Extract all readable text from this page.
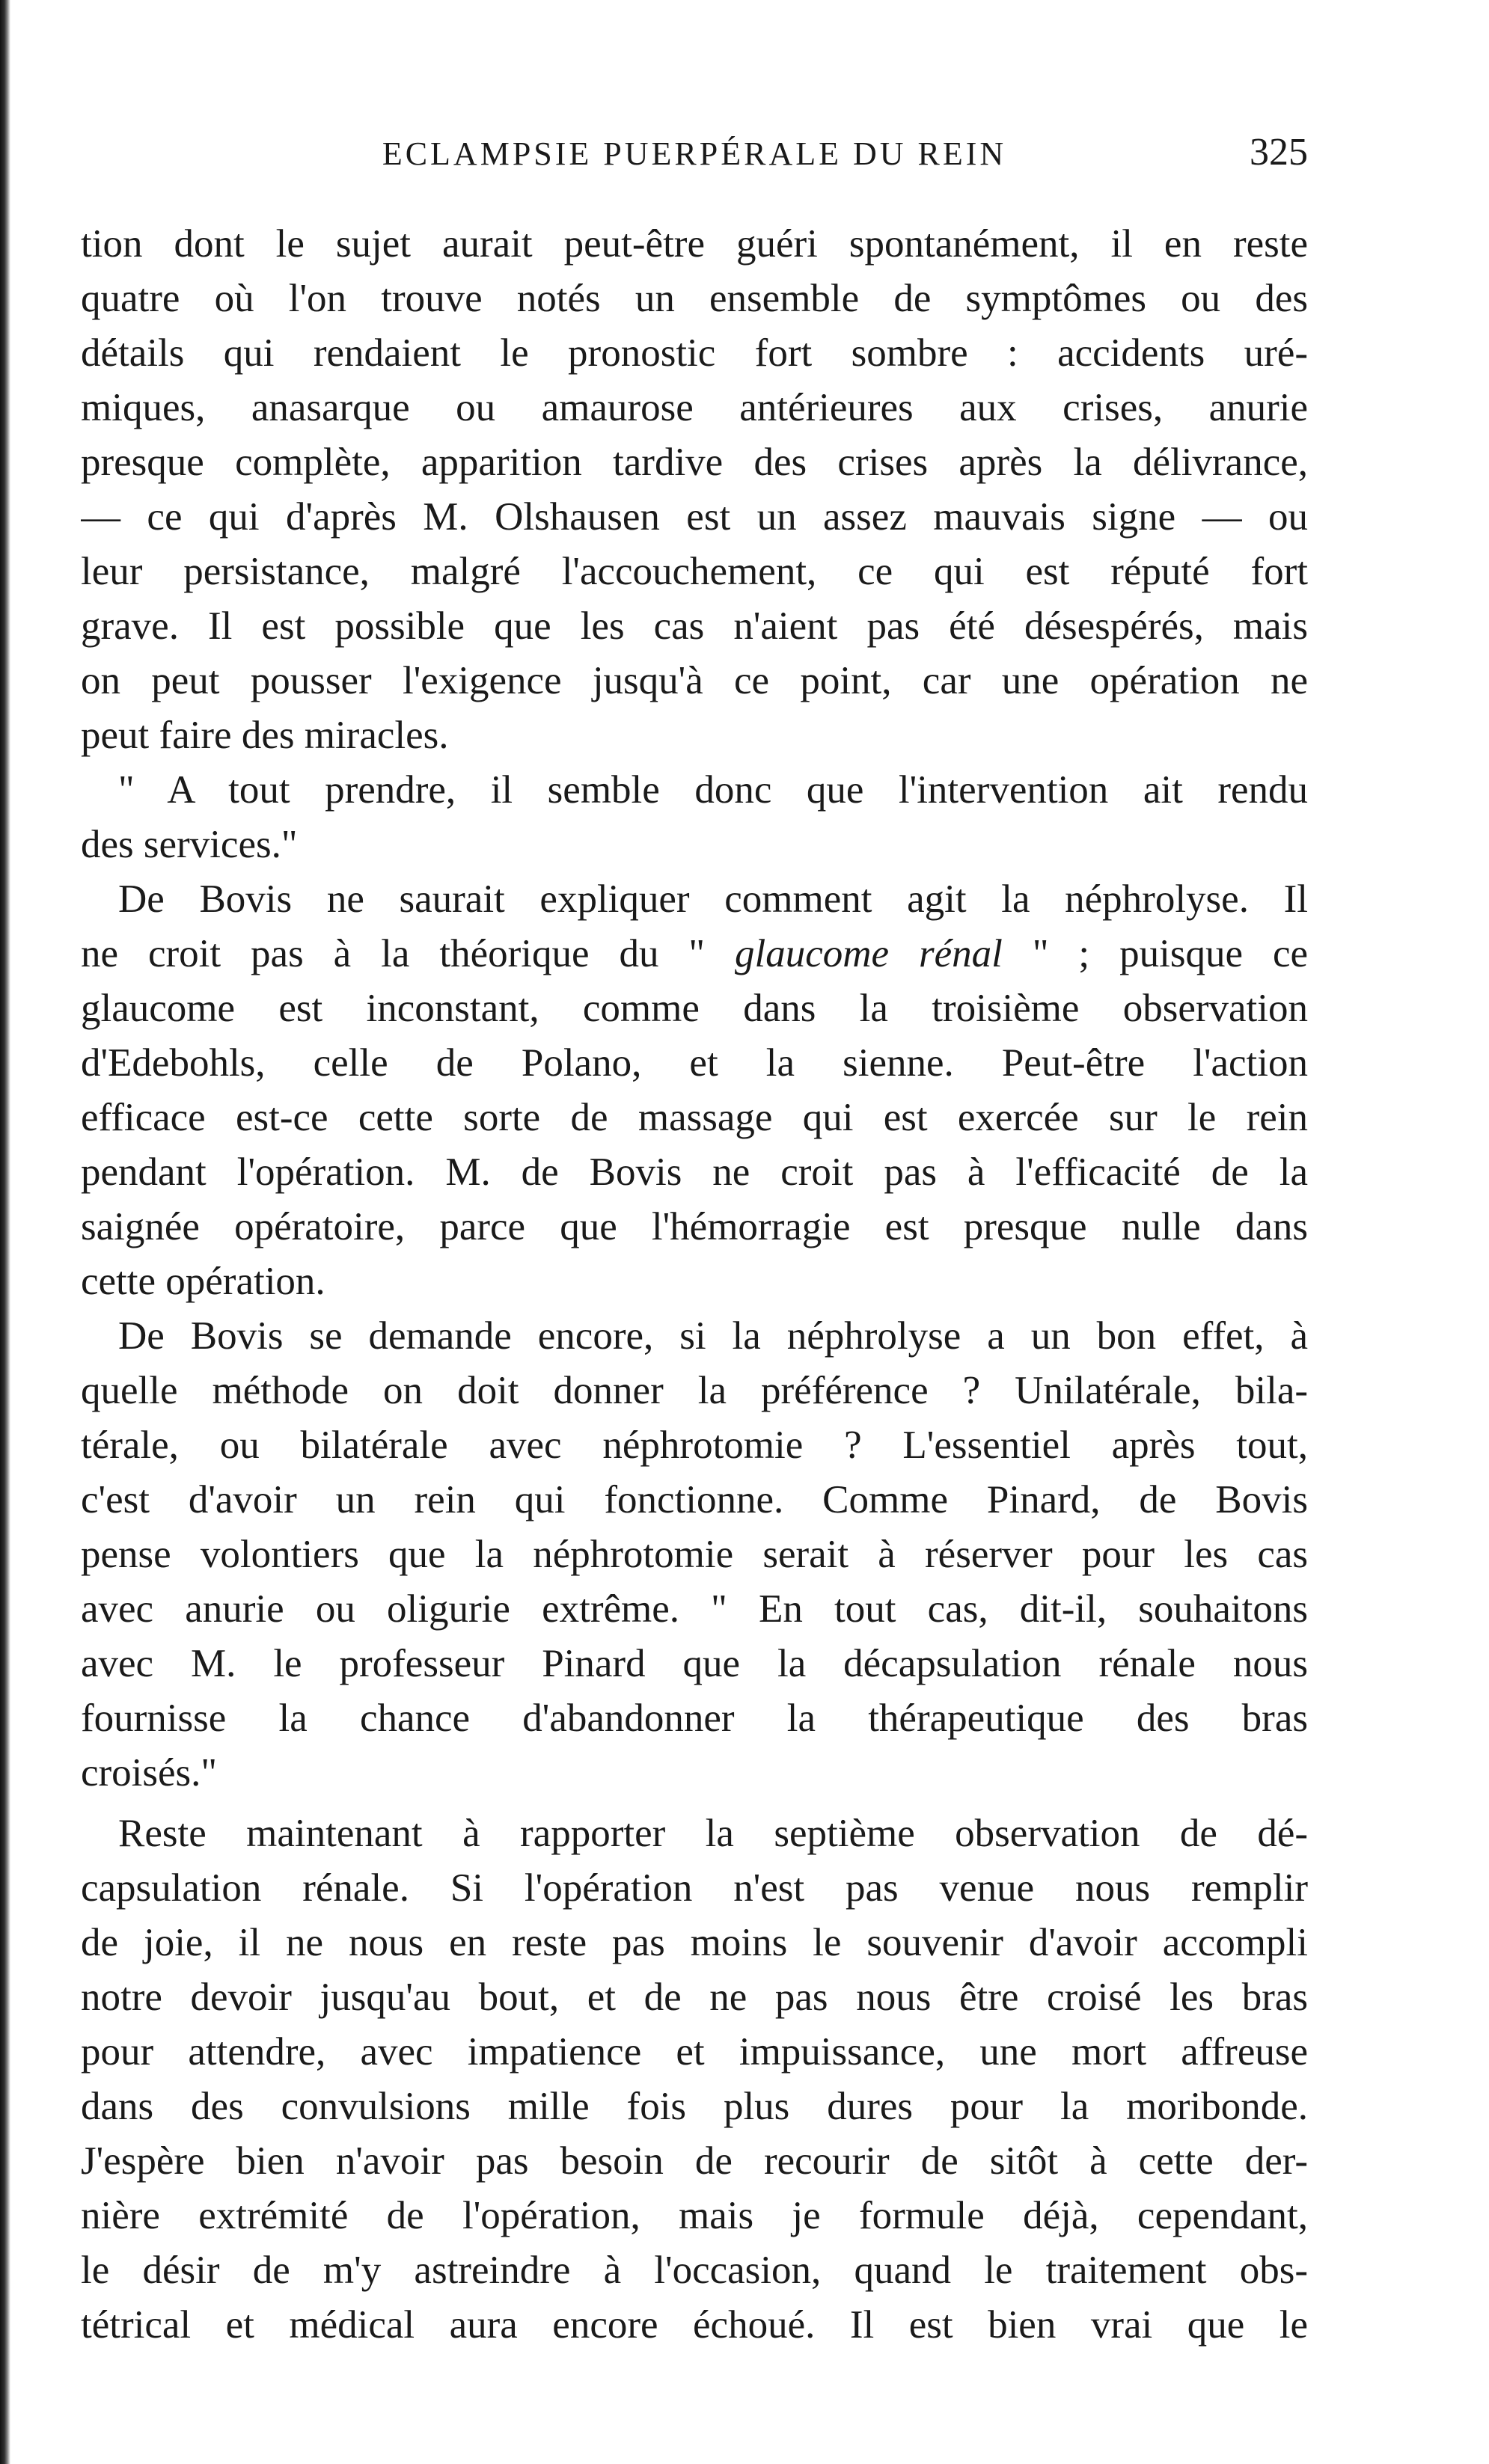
ECLAMPSIE PUERPÉRALE DU REIN	325
tion dont le sujet aurait peut-être guéri spontanément, il en reste
quatre où l'on trouve notés un ensemble de symptômes ou des
détails qui rendaient le pronostic fort sombre : accidents uré-
miques, anasarque ou amaurose antérieures aux crises, anurie
presque complète, apparition tardive des crises après la délivrance,
— ce qui d'après M. Olshausen est un assez mauvais signe — ou
leur persistance, malgré l'accouchement, ce qui est réputé fort
grave. Il est possible que les cas n'aient pas été désespérés, mais
on peut pousser l'exigence jusqu'à ce point, car une opération ne
peut faire des miracles.
" A tout prendre, il semble donc que l'intervention ait rendu
des services."
De Bovis ne saurait expliquer comment agit la néphrolyse. Il
ne croit pas à la théorique du " glaucome rénal " ; puisque ce
glaucome est inconstant, comme dans la troisième observation
d'Edebohls, celle de Polano, et la sienne. Peut-être l'action
efficace est-ce cette sorte de massage qui est exercée sur le rein
pendant l'opération. M. de Bovis ne croit pas à l'efficacité de la
saignée opératoire, parce que l'hémorragie est presque nulle dans
cette opération.
De Bovis se demande encore, si la néphrolyse a un bon effet, à
quelle méthode on doit donner la préférence ? Unilatérale, bila-
térale, ou bilatérale avec néphrotomie ? L'essentiel après tout,
c'est d'avoir un rein qui fonctionne. Comme Pinard, de Bovis
pense volontiers que la néphrotomie serait à réserver pour les cas
avec anurie ou oligurie extrême. " En tout cas, dit-il, souhaitons
avec M. le professeur Pinard que la décapsulation rénale nous
fournisse la chance d'abandonner la thérapeutique des bras
croisés."
Reste maintenant à rapporter la septième observation de dé-
capsulation rénale. Si l'opération n'est pas venue nous remplir
de joie, il ne nous en reste pas moins le souvenir d'avoir accompli
notre devoir jusqu'au bout, et de ne pas nous être croisé les bras
pour attendre, avec impatience et impuissance, une mort affreuse
dans des convulsions mille fois plus dures pour la moribonde.
J'espère bien n'avoir pas besoin de recourir de sitôt à cette der-
nière extrémité de l'opération, mais je formule déjà, cependant,
le désir de m'y astreindre à l'occasion, quand le traitement obs-
tétrical et médical aura encore échoué. Il est bien vrai que le
